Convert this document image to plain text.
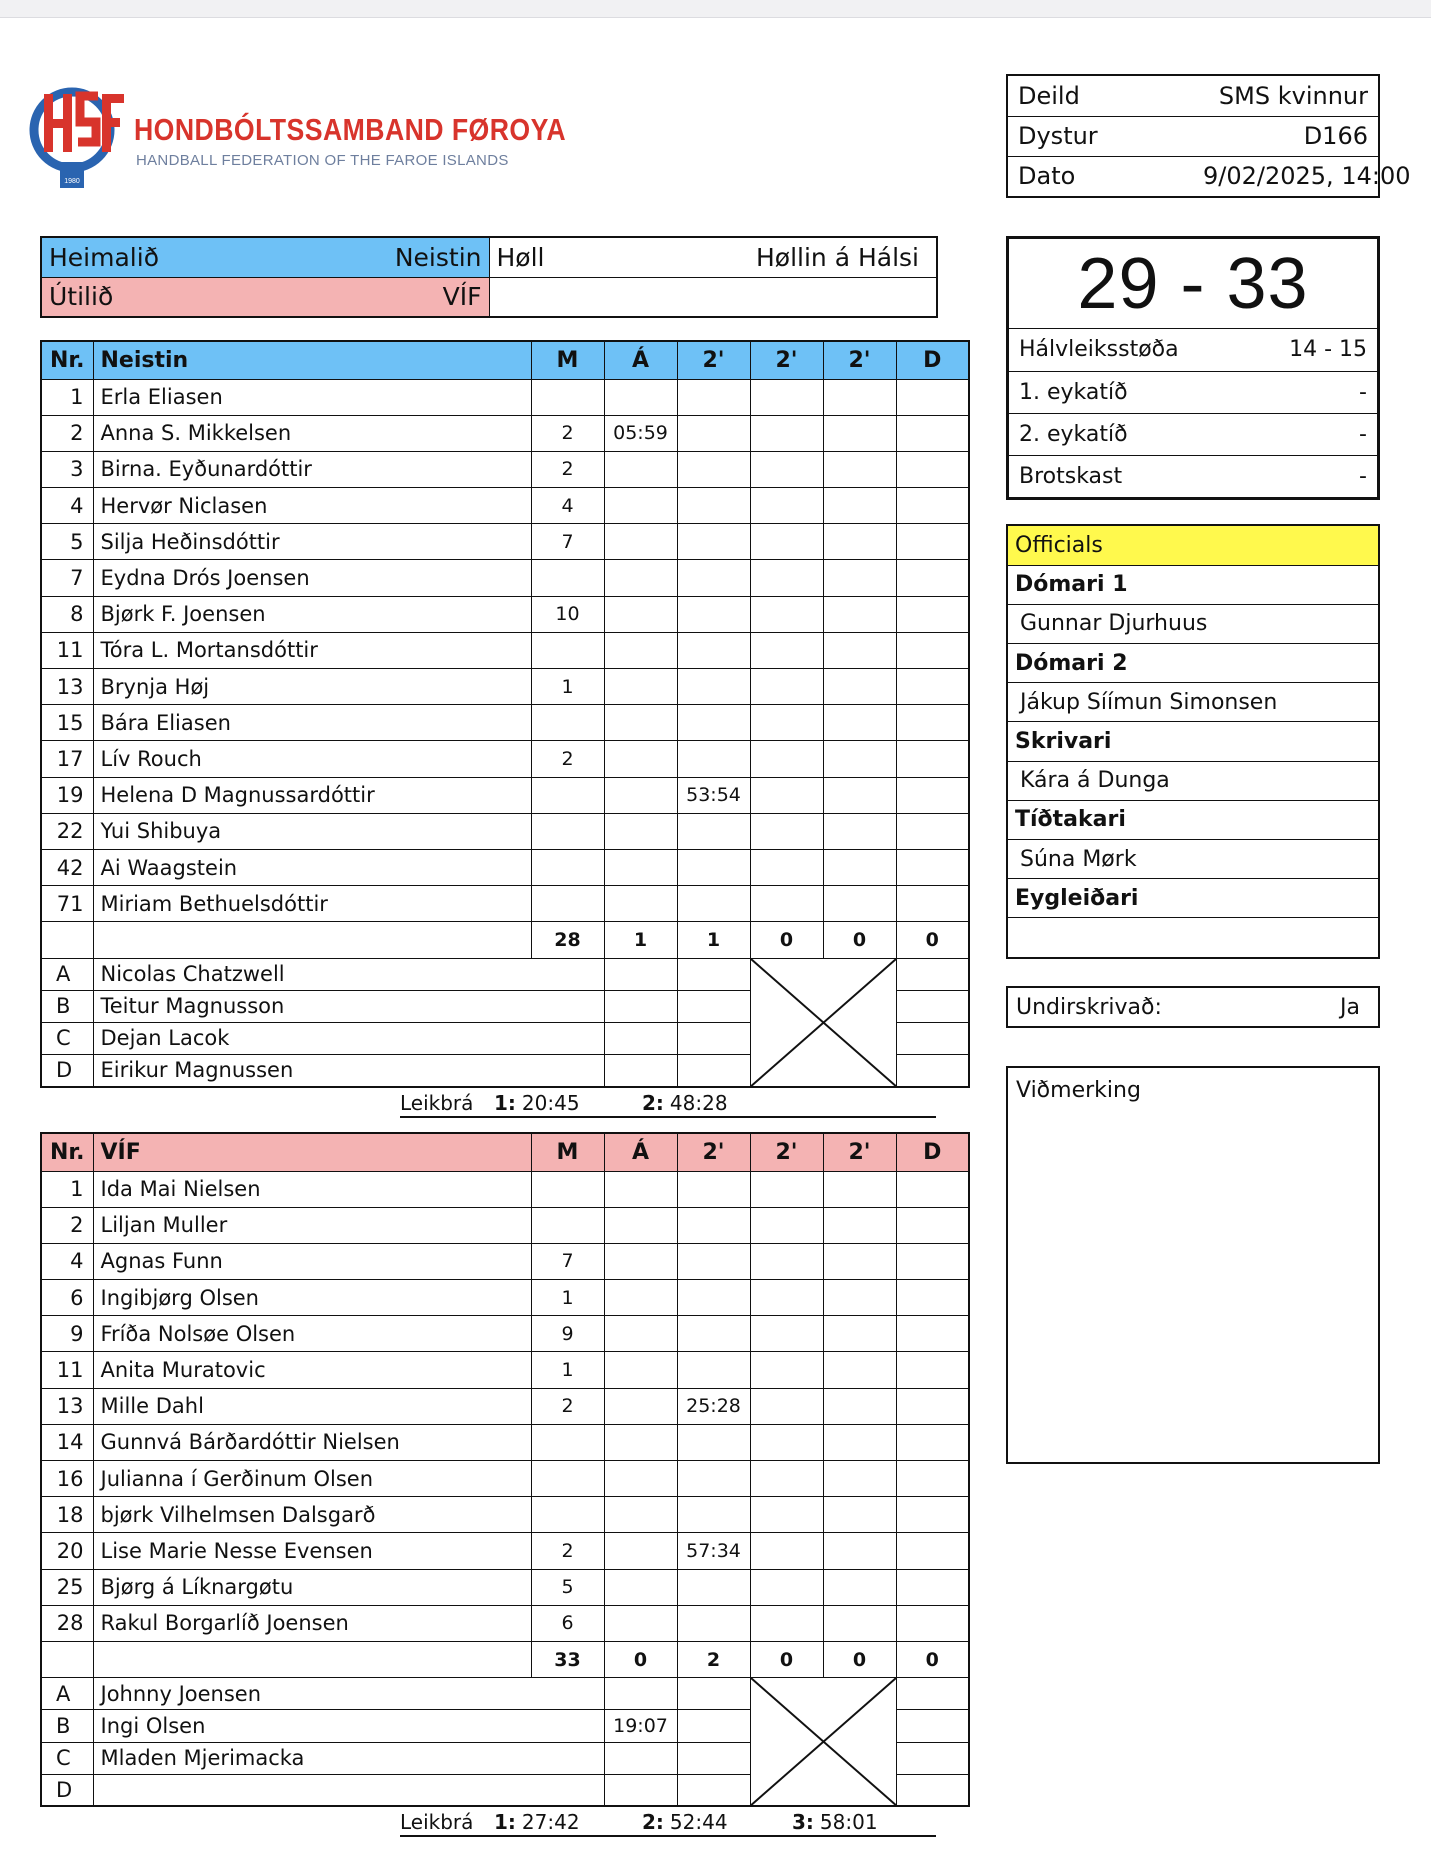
1980
HONDBÓLTSSAMBAND FØROYA
HANDBALL FEDERATION OF THE FAROE ISLANDS
Deild	SMS kvinnur
Dystur	D166
Dato	9/02/2025, 14:00
Heimalið Neistin	Høll Høllin á Hálsi

Útilið VÍF	
		29 - 33
Hálvleiksstøða	14 - 15
1. eykatíð	-
2. eykatíð	-
Brotskast	-
Officials
Dómari 1
Gunnar Djurhuus
Dómari 2
Jákup Síímun Simonsen
Skrivari
Kára á Dunga
Tíðtakari
Súna Mørk
Eygleiðari

Undirskrivað:	Ja
Viðmerking
Nr.	Neistin	M	Á	2'	2'	2'	D
1	Erla Eliasen						
2	Anna S. Mikkelsen	2	05:59				
3	Birna. Eyðunardóttir	2					
4	Hervør Niclasen	4					
5	Silja Heðinsdóttir	7					
7	Eydna Drós Joensen						
8	Bjørk F. Joensen	10					
11	Tóra L. Mortansdóttir						
13	Brynja Høj	1					
15	Bára Eliasen						
17	Lív Rouch	2					
19	Helena D Magnussardóttir			53:54			
22	Yui Shibuya						
42	Ai Waagstein						
71	Miriam Bethuelsdóttir						
		28	1	1	0	0	0
A	Nicolas Chatzwell			

B	Teitur Magnusson						
C	Dejan Lacok						
D	Eirikur Magnussen						
Leikbrá 1: 20:45	2: 48:28
Nr.	VÍF	M	Á	2'	2'	2'	D
1	Ida Mai Nielsen						
2	Liljan Muller						
4	Agnas Funn	7					
6	Ingibjørg Olsen	1					
9	Fríða Nolsøe Olsen	9					
11	Anita Muratovic	1					
13	Mille Dahl	2		25:28			
14	Gunnvá Bárðardóttir Nielsen						
16	Julianna í Gerðinum Olsen						
18	bjørk Vilhelmsen Dalsgarð						
20	Lise Marie Nesse Evensen	2		57:34			
25	Bjørg á Líknargøtu	5					
28	Rakul Borgarlíð Joensen	6					
		33	0	2	0	0	0
A	Johnny Joensen			

B	Ingi Olsen		19:07				
C	Mladen Mjerimacka						
D							
Leikbrá 1: 27:42	2: 52:44	3: 58:01
